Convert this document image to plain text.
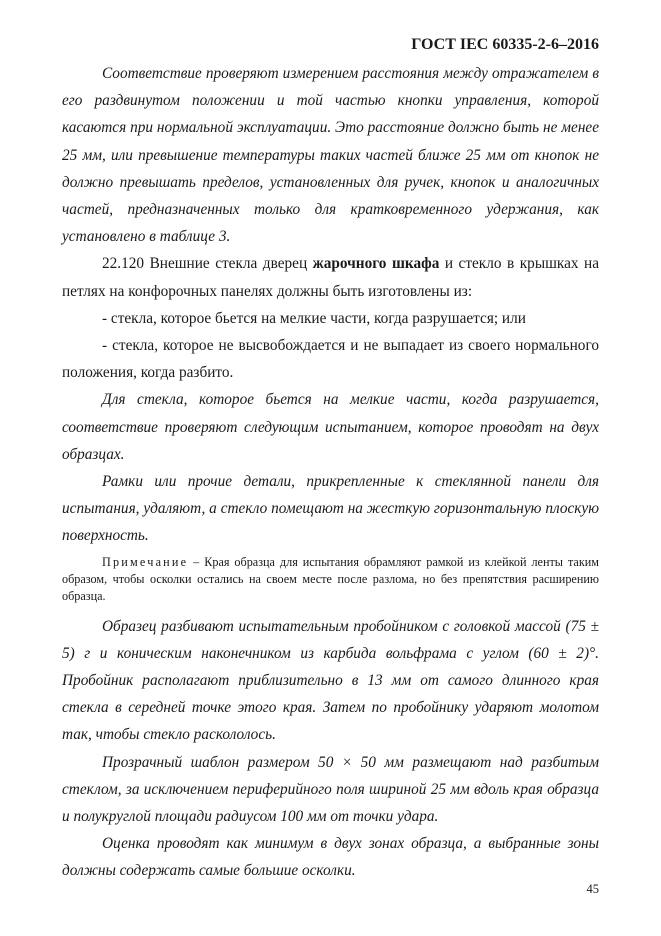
ГОСТ IEC 60335-2-6–2016

Соответствие проверяют измерением расстояния между отражателем в его раздвинутом положении и той частью кнопки управления, которой касаются при нормальной эксплуатации. Это расстояние должно быть не менее 25 мм, или превышение температуры таких частей ближе 25 мм от кнопок не должно превышать пределов, установленных для ручек, кнопок и аналогичных частей, предназначенных только для кратковременного удержания, как установлено в таблице 3.

22.120 Внешние стекла дверец жарочного шкафа и стекло в крышках на петлях на конфорочных панелях должны быть изготовлены из:

- стекла, которое бьется на мелкие части, когда разрушается; или

- стекла, которое не высвобождается и не выпадает из своего нормального положения, когда разбито.

Для стекла, которое бьется на мелкие части, когда разрушается, соответствие проверяют следующим испытанием, которое проводят на двух образцах.

Рамки или прочие детали, прикрепленные к стеклянной панели для испытания, удаляют, а стекло помещают на жесткую горизонтальную плоскую поверхность.

Примечание – Края образца для испытания обрамляют рамкой из клейкой ленты таким образом, чтобы осколки остались на своем месте после разлома, но без препятствия расширению образца.

Образец разбивают испытательным пробойником с головкой массой (75 ± 5) г и коническим наконечником из карбида вольфрама с углом (60 ± 2)°. Пробойник располагают приблизительно в 13 мм от самого длинного края стекла в середней точке этого края. Затем по пробойнику ударяют молотом так, чтобы стекло раскололось.

Прозрачный шаблон размером 50 × 50 мм размещают над разбитым стеклом, за исключением периферийного поля шириной 25 мм вдоль края образца и полукруглой площади радиусом 100 мм от точки удара.

Оценка проводят как минимум в двух зонах образца, а выбранные зоны должны содержать самые большие осколки.

45
